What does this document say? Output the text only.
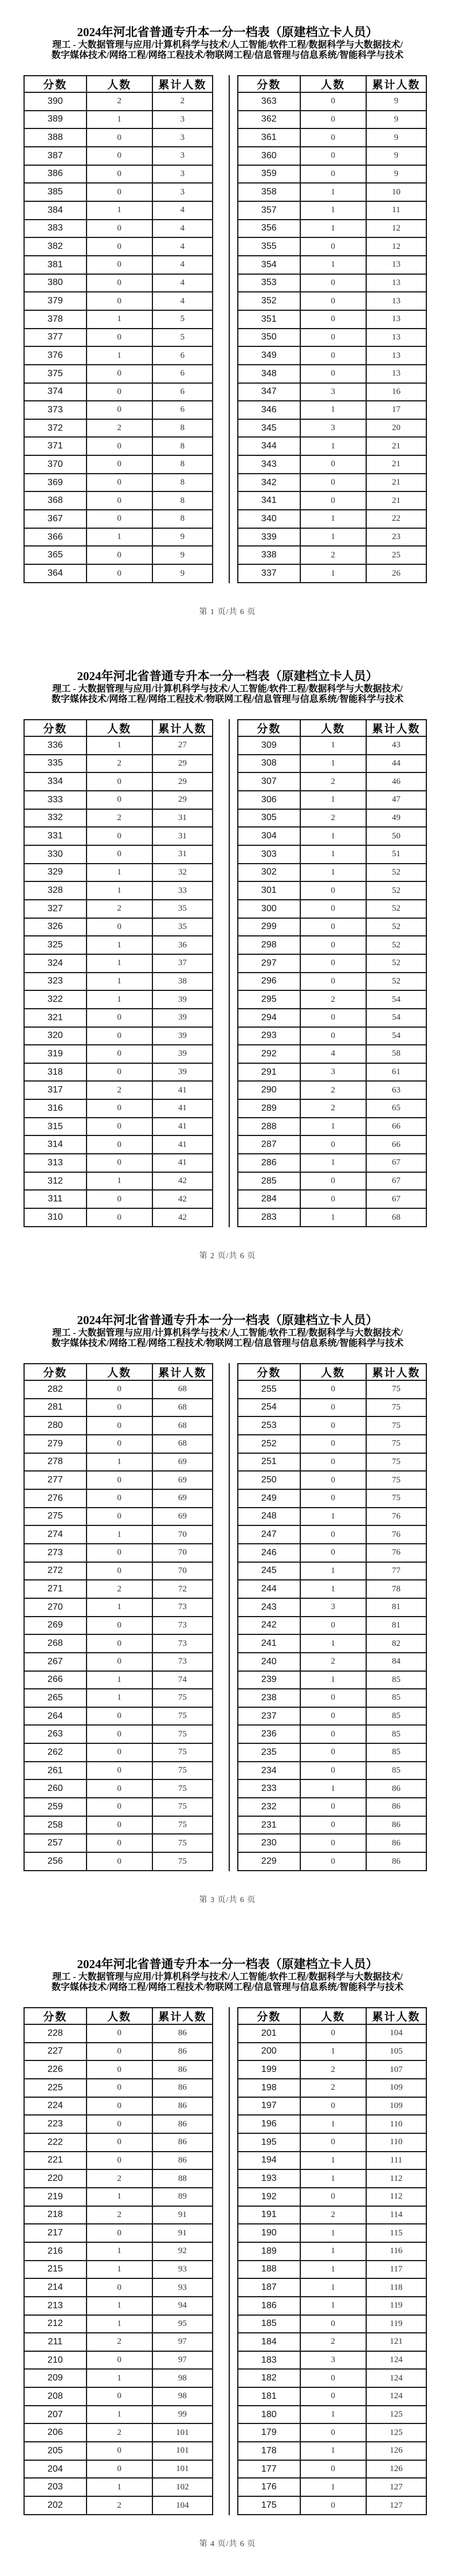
2024年河北省普通专升本一分一档表（原建档立卡人员）
理工 - 大数据管理与应用/计算机科学与技术/人工智能/软件工程/数据科学与大数据技术/
数字媒体技术/网络工程/网络工程技术/物联网工程/信息管理与信息系统/智能科学与技术
分数	人数	累计人数
390	2	2
389	1	3
388	0	3
387	0	3
386	0	3
385	0	3
384	1	4
383	0	4
382	0	4
381	0	4
380	0	4
379	0	4
378	1	5
377	0	5
376	1	6
375	0	6
374	0	6
373	0	6
372	2	8
371	0	8
370	0	8
369	0	8
368	0	8
367	0	8
366	1	9
365	0	9
364	0	9
分数	人数	累计人数
363	0	9
362	0	9
361	0	9
360	0	9
359	0	9
358	1	10
357	1	11
356	1	12
355	0	12
354	1	13
353	0	13
352	0	13
351	0	13
350	0	13
349	0	13
348	0	13
347	3	16
346	1	17
345	3	20
344	1	21
343	0	21
342	0	21
341	0	21
340	1	22
339	1	23
338	2	25
337	1	26
第 1 页/共 6 页
2024年河北省普通专升本一分一档表（原建档立卡人员）
理工 - 大数据管理与应用/计算机科学与技术/人工智能/软件工程/数据科学与大数据技术/
数字媒体技术/网络工程/网络工程技术/物联网工程/信息管理与信息系统/智能科学与技术
分数	人数	累计人数
336	1	27
335	2	29
334	0	29
333	0	29
332	2	31
331	0	31
330	0	31
329	1	32
328	1	33
327	2	35
326	0	35
325	1	36
324	1	37
323	1	38
322	1	39
321	0	39
320	0	39
319	0	39
318	0	39
317	2	41
316	0	41
315	0	41
314	0	41
313	0	41
312	1	42
311	0	42
310	0	42
分数	人数	累计人数
309	1	43
308	1	44
307	2	46
306	1	47
305	2	49
304	1	50
303	1	51
302	1	52
301	0	52
300	0	52
299	0	52
298	0	52
297	0	52
296	0	52
295	2	54
294	0	54
293	0	54
292	4	58
291	3	61
290	2	63
289	2	65
288	1	66
287	0	66
286	1	67
285	0	67
284	0	67
283	1	68
第 2 页/共 6 页
2024年河北省普通专升本一分一档表（原建档立卡人员）
理工 - 大数据管理与应用/计算机科学与技术/人工智能/软件工程/数据科学与大数据技术/
数字媒体技术/网络工程/网络工程技术/物联网工程/信息管理与信息系统/智能科学与技术
分数	人数	累计人数
282	0	68
281	0	68
280	0	68
279	0	68
278	1	69
277	0	69
276	0	69
275	0	69
274	1	70
273	0	70
272	0	70
271	2	72
270	1	73
269	0	73
268	0	73
267	0	73
266	1	74
265	1	75
264	0	75
263	0	75
262	0	75
261	0	75
260	0	75
259	0	75
258	0	75
257	0	75
256	0	75
分数	人数	累计人数
255	0	75
254	0	75
253	0	75
252	0	75
251	0	75
250	0	75
249	0	75
248	1	76
247	0	76
246	0	76
245	1	77
244	1	78
243	3	81
242	0	81
241	1	82
240	2	84
239	1	85
238	0	85
237	0	85
236	0	85
235	0	85
234	0	85
233	1	86
232	0	86
231	0	86
230	0	86
229	0	86
第 3 页/共 6 页
2024年河北省普通专升本一分一档表（原建档立卡人员）
理工 - 大数据管理与应用/计算机科学与技术/人工智能/软件工程/数据科学与大数据技术/
数字媒体技术/网络工程/网络工程技术/物联网工程/信息管理与信息系统/智能科学与技术
分数	人数	累计人数
228	0	86
227	0	86
226	0	86
225	0	86
224	0	86
223	0	86
222	0	86
221	0	86
220	2	88
219	1	89
218	2	91
217	0	91
216	1	92
215	1	93
214	0	93
213	1	94
212	1	95
211	2	97
210	0	97
209	1	98
208	0	98
207	1	99
206	2	101
205	0	101
204	0	101
203	1	102
202	2	104
分数	人数	累计人数
201	0	104
200	1	105
199	2	107
198	2	109
197	0	109
196	1	110
195	0	110
194	1	111
193	1	112
192	0	112
191	2	114
190	1	115
189	1	116
188	1	117
187	1	118
186	1	119
185	0	119
184	2	121
183	3	124
182	0	124
181	0	124
180	1	125
179	0	125
178	1	126
177	0	126
176	1	127
175	0	127
第 4 页/共 6 页
